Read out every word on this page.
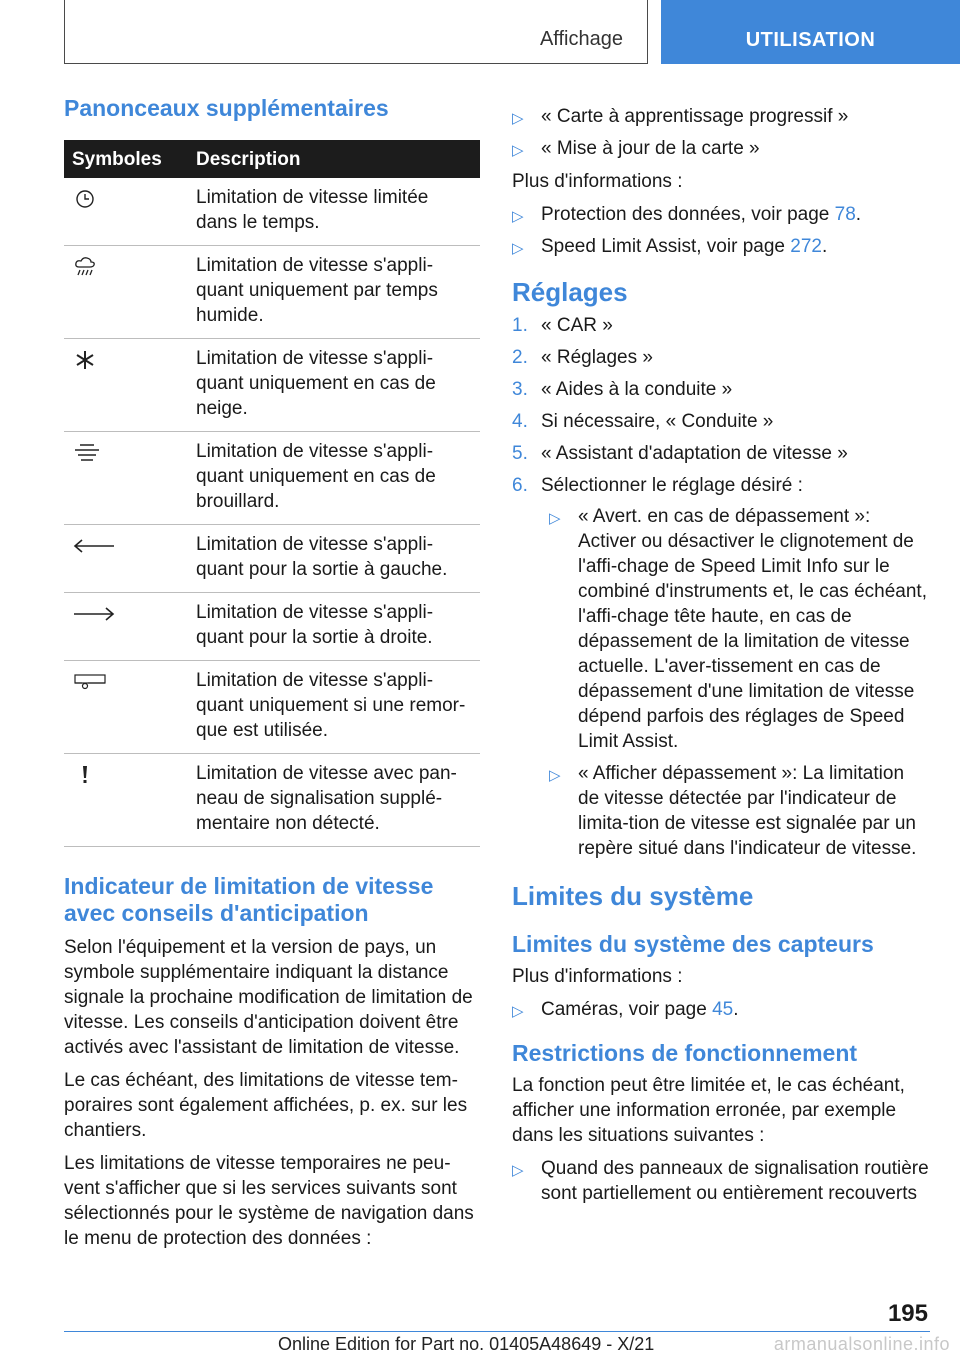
Affichage	UTILISATION
Panonceaux supplémentaires
Symboles	Description

	Limitation de vitesse limitée dans le temps.

	Limitation de vitesse s'appli-quant uniquement par temps humide.

	Limitation de vitesse s'appli-quant uniquement en cas de neige.

	Limitation de vitesse s'appli-quant uniquement en cas de brouillard.

	Limitation de vitesse s'appli-quant pour la sortie à gauche.

	Limitation de vitesse s'appli-quant pour la sortie à droite.

	Limitation de vitesse s'appli-quant uniquement si une remor-que est utilisée.

	Limitation de vitesse avec pan-neau de signalisation supplé-mentaire non détecté.
Indicateur de limitation de vitesse avec conseils d'anticipation

Selon l'équipement et la version de pays, un symbole supplémentaire indiquant la distance signale la prochaine modification de limitation de vitesse. Les conseils d'anticipation doivent être activés avec l'assistant de limitation de vitesse.

Le cas échéant, des limitations de vitesse tem-poraires sont également affichées, p. ex. sur les chantiers.

Les limitations de vitesse temporaires ne peu-vent s'afficher que si les services suivants sont sélectionnés pour le système de navigation dans le menu de protection des données :

▷ « Carte à apprentissage progressif »
▷ « Mise à jour de la carte »

Plus d'informations :

▷ Protection des données, voir page 78.
▷ Speed Limit Assist, voir page 272.
Réglages
1. « CAR »
2. « Réglages »
3. « Aides à la conduite »
4. Si nécessaire, « Conduite »
5. « Assistant d'adaptation de vitesse »
6. Sélectionner le réglage désiré :
▷ « Avert. en cas de dépassement »: Activer ou désactiver le clignotement de l'affi-chage de Speed Limit Info sur le combiné d'instruments et, le cas échéant, l'affi-chage tête haute, en cas de dépassement de la limitation de vitesse actuelle. L'aver-tissement en cas de dépassement d'une limitation de vitesse dépend parfois des réglages de Speed Limit Assist.
▷ « Afficher dépassement »: La limitation de vitesse détectée par l'indicateur de limita-tion de vitesse est signalée par un repère situé dans l'indicateur de vitesse.
Limites du système
Limites du système des capteurs

Plus d'informations :

▷ Caméras, voir page 45.
Restrictions de fonctionnement

La fonction peut être limitée et, le cas échéant, afficher une information erronée, par exemple dans les situations suivantes :

▷ Quand des panneaux de signalisation routière sont partiellement ou entièrement recouverts
195
Online Edition for Part no. 01405A48649 - X/21	armanualsonline.info
